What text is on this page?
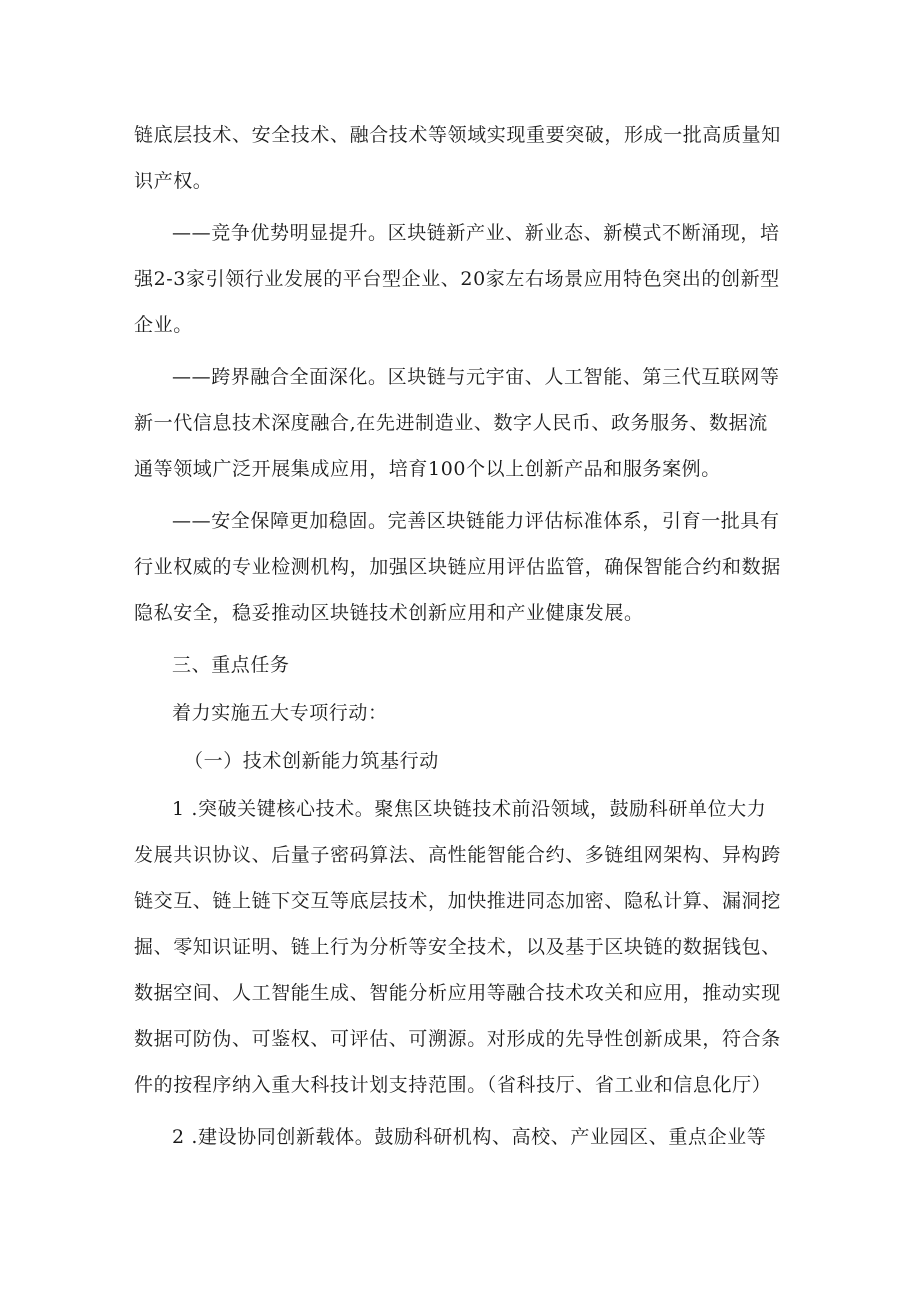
链底层技术、安全技术、融合技术等领域实现重要突破，形成一批高质量知
识产权。
——竞争优势明显提升。区块链新产业、新业态、新模式不断涌现，培
强2-3家引领行业发展的平台型企业、20家左右场景应用特色突出的创新型
企业。
——跨界融合全面深化。区块链与元宇宙、人工智能、第三代互联网等
新一代信息技术深度融合,在先进制造业、数字人民币、政务服务、数据流
通等领域广泛开展集成应用，培育100个以上创新产品和服务案例。
——安全保障更加稳固。完善区块链能力评估标准体系，引育一批具有
行业权威的专业检测机构，加强区块链应用评估监管，确保智能合约和数据
隐私安全，稳妥推动区块链技术创新应用和产业健康发展。
三、重点任务
着力实施五大专项行动：
（一）技术创新能力筑基行动
1 .突破关键核心技术。聚焦区块链技术前沿领域，鼓励科研单位大力
发展共识协议、后量子密码算法、高性能智能合约、多链组网架构、异构跨
链交互、链上链下交互等底层技术，加快推进同态加密、隐私计算、漏洞挖
掘、零知识证明、链上行为分析等安全技术，以及基于区块链的数据钱包、
数据空间、人工智能生成、智能分析应用等融合技术攻关和应用，推动实现
数据可防伪、可鉴权、可评估、可溯源。对形成的先导性创新成果，符合条
件的按程序纳入重大科技计划支持范围。（省科技厅、省工业和信息化厅）
2 .建设协同创新载体。鼓励科研机构、高校、产业园区、重点企业等
